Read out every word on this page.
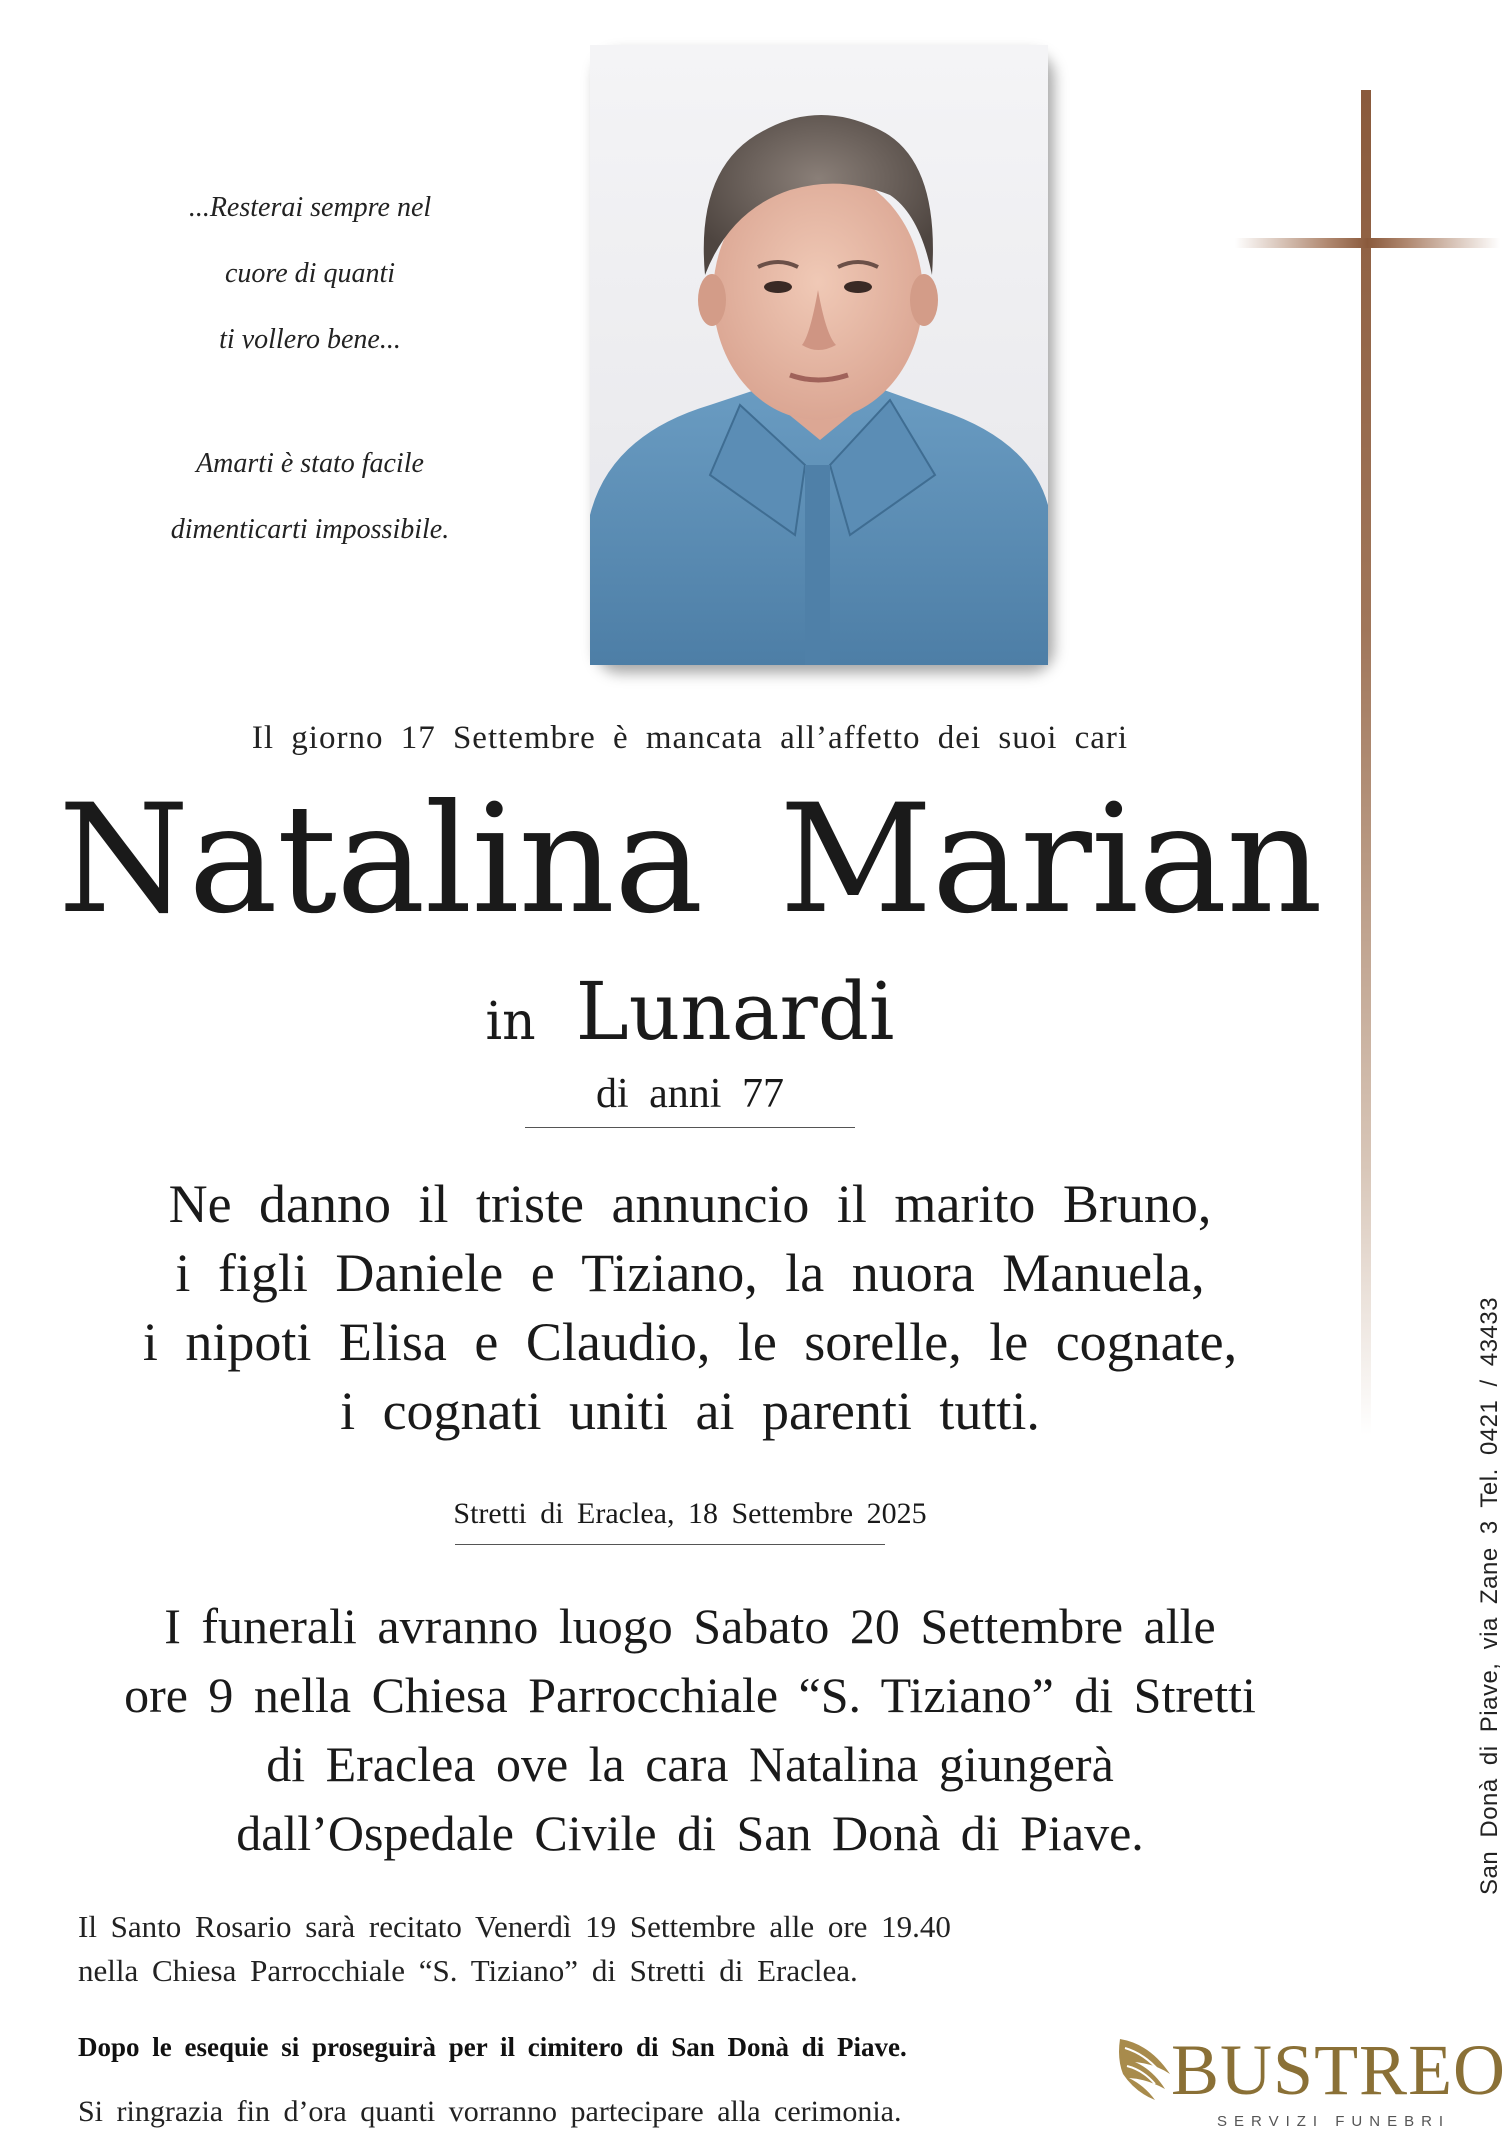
...Resterai sempre nel
cuore di quanti
ti vollero bene...
Amarti è stato facile
dimenticarti impossibile.
Il giorno 17 Settembre è mancata all’affetto dei suoi cari
Natalina Marian
in Lunardi
di anni 77
Ne danno il triste annuncio il marito Bruno,
i figli Daniele e Tiziano, la nuora Manuela,
i nipoti Elisa e Claudio, le sorelle, le cognate,
i cognati uniti ai parenti tutti.
Stretti di Eraclea, 18 Settembre 2025
I funerali avranno luogo Sabato 20 Settembre alle
ore 9 nella Chiesa Parrocchiale “S. Tiziano” di Stretti
di Eraclea ove la cara Natalina giungerà
dall’Ospedale Civile di San Donà di Piave.
Il Santo Rosario sarà recitato Venerdì 19 Settembre alle ore 19.40
nella Chiesa Parrocchiale “S. Tiziano” di Stretti di Eraclea.
Dopo le esequie si proseguirà per il cimitero di San Donà di Piave.
Si ringrazia fin d’ora quanti vorranno partecipare alla cerimonia.
San Donà di Piave, via Zane 3 Tel. 0421 / 43433
BUSTREO
SERVIZI FUNEBRI
